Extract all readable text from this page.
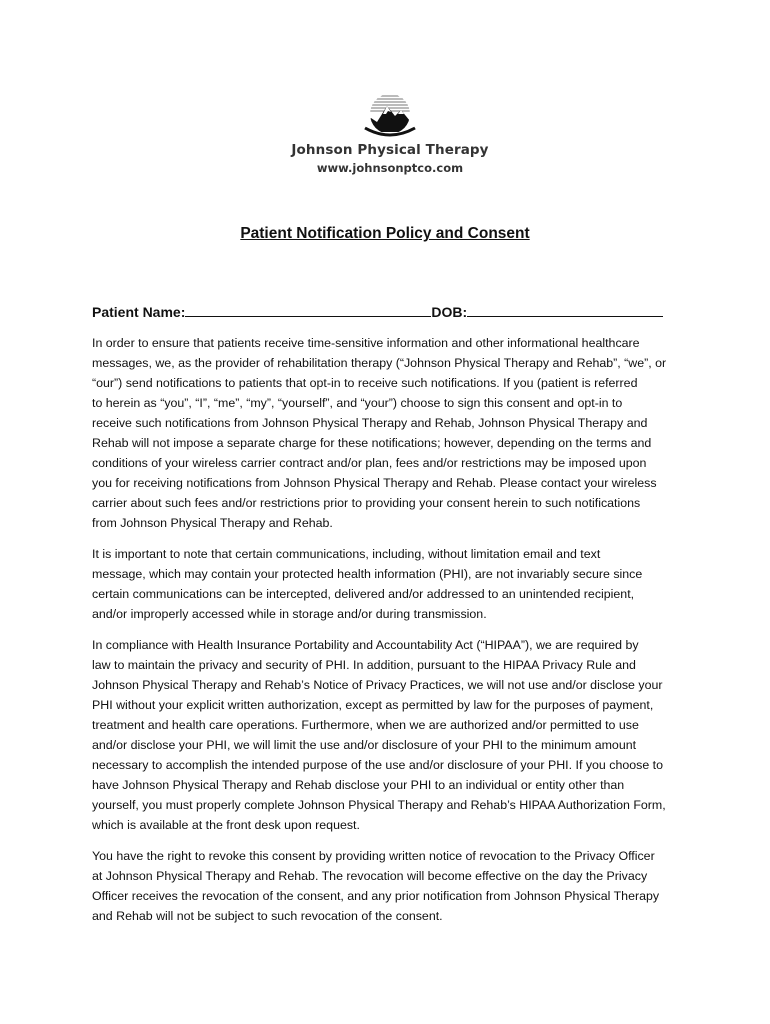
Johnson Physical Therapy
www.johnsonptco.com
Patient Notification Policy and Consent
Patient Name:	DOB:

In order to ensure that patients receive time-sensitive information and other informational healthcare
messages, we, as the provider of rehabilitation therapy (“Johnson Physical Therapy and Rehab”, “we”, or
“our”) send notifications to patients that opt-in to receive such notifications. If you (patient is referred
to herein as “you”, “I”, “me”, “my”, “yourself”, and “your”) choose to sign this consent and opt-in to
receive such notifications from Johnson Physical Therapy and Rehab, Johnson Physical Therapy and
Rehab will not impose a separate charge for these notifications; however, depending on the terms and
conditions of your wireless carrier contract and/or plan, fees and/or restrictions may be imposed upon
you for receiving notifications from Johnson Physical Therapy and Rehab. Please contact your wireless
carrier about such fees and/or restrictions prior to providing your consent herein to such notifications
from Johnson Physical Therapy and Rehab.

It is important to note that certain communications, including, without limitation email and text
message, which may contain your protected health information (PHI), are not invariably secure since
certain communications can be intercepted, delivered and/or addressed to an unintended recipient,
and/or improperly accessed while in storage and/or during transmission.

In compliance with Health Insurance Portability and Accountability Act (“HIPAA”), we are required by
law to maintain the privacy and security of PHI. In addition, pursuant to the HIPAA Privacy Rule and
Johnson Physical Therapy and Rehab’s Notice of Privacy Practices, we will not use and/or disclose your
PHI without your explicit written authorization, except as permitted by law for the purposes of payment,
treatment and health care operations. Furthermore, when we are authorized and/or permitted to use
and/or disclose your PHI, we will limit the use and/or disclosure of your PHI to the minimum amount
necessary to accomplish the intended purpose of the use and/or disclosure of your PHI. If you choose to
have Johnson Physical Therapy and Rehab disclose your PHI to an individual or entity other than
yourself, you must properly complete Johnson Physical Therapy and Rehab’s HIPAA Authorization Form,
which is available at the front desk upon request.

You have the right to revoke this consent by providing written notice of revocation to the Privacy Officer
at Johnson Physical Therapy and Rehab. The revocation will become effective on the day the Privacy
Officer receives the revocation of the consent, and any prior notification from Johnson Physical Therapy
and Rehab will not be subject to such revocation of the consent.
